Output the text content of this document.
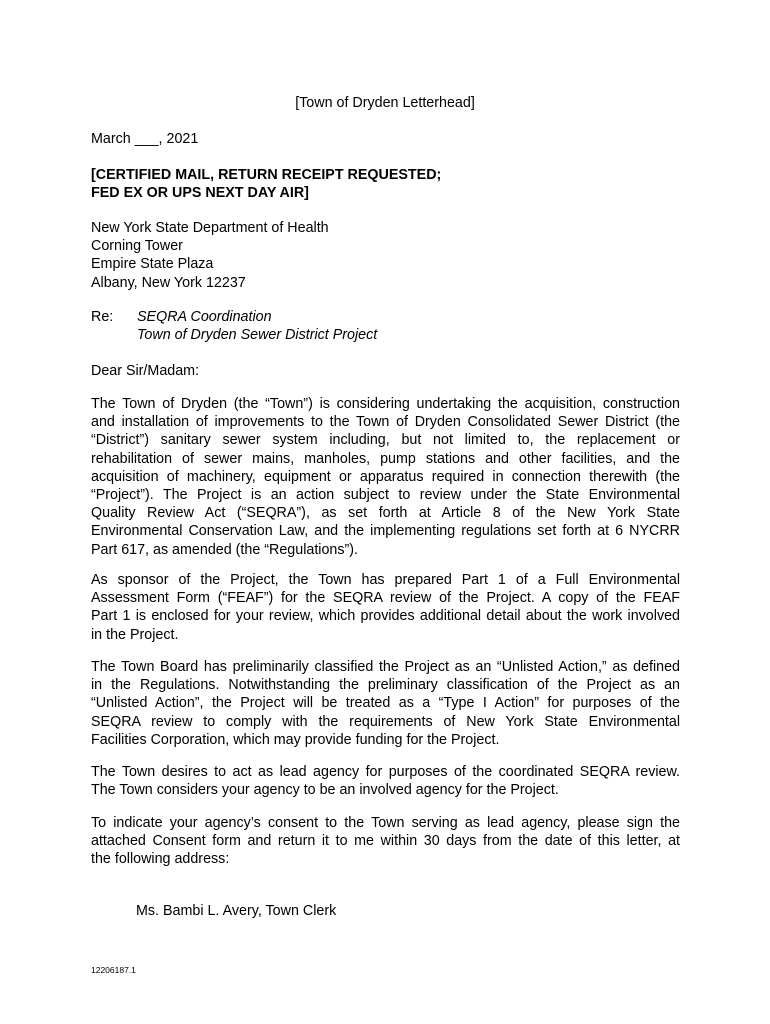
[Town of Dryden Letterhead]
March ___, 2021
[CERTIFIED MAIL, RETURN RECEIPT REQUESTED;
FED EX OR UPS NEXT DAY AIR]
New York State Department of Health
Corning Tower
Empire State Plaza
Albany, New York 12237
Re:	SEQRA Coordination
Town of Dryden Sewer District Project
Dear Sir/Madam:
The Town of Dryden (the “Town”) is considering undertaking the acquisition, construction
and installation of improvements to the Town of Dryden Consolidated Sewer District (the
“District”) sanitary sewer system including, but not limited to, the replacement or
rehabilitation of sewer mains, manholes, pump stations and other facilities, and the
acquisition of machinery, equipment or apparatus required in connection therewith (the
“Project”). The Project is an action subject to review under the State Environmental
Quality Review Act (“SEQRA”), as set forth at Article 8 of the New York State
Environmental Conservation Law, and the implementing regulations set forth at 6 NYCRR
Part 617, as amended (the “Regulations”).
As sponsor of the Project, the Town has prepared Part 1 of a Full Environmental
Assessment Form (“FEAF”) for the SEQRA review of the Project. A copy of the FEAF
Part 1 is enclosed for your review, which provides additional detail about the work involved
in the Project.
The Town Board has preliminarily classified the Project as an “Unlisted Action,” as defined
in the Regulations. Notwithstanding the preliminary classification of the Project as an
“Unlisted Action”, the Project will be treated as a “Type I Action” for purposes of the
SEQRA review to comply with the requirements of New York State Environmental
Facilities Corporation, which may provide funding for the Project.
The Town desires to act as lead agency for purposes of the coordinated SEQRA review.
The Town considers your agency to be an involved agency for the Project.
To indicate your agency’s consent to the Town serving as lead agency, please sign the
attached Consent form and return it to me within 30 days from the date of this letter, at
the following address:
Ms. Bambi L. Avery, Town Clerk
12206187.1
